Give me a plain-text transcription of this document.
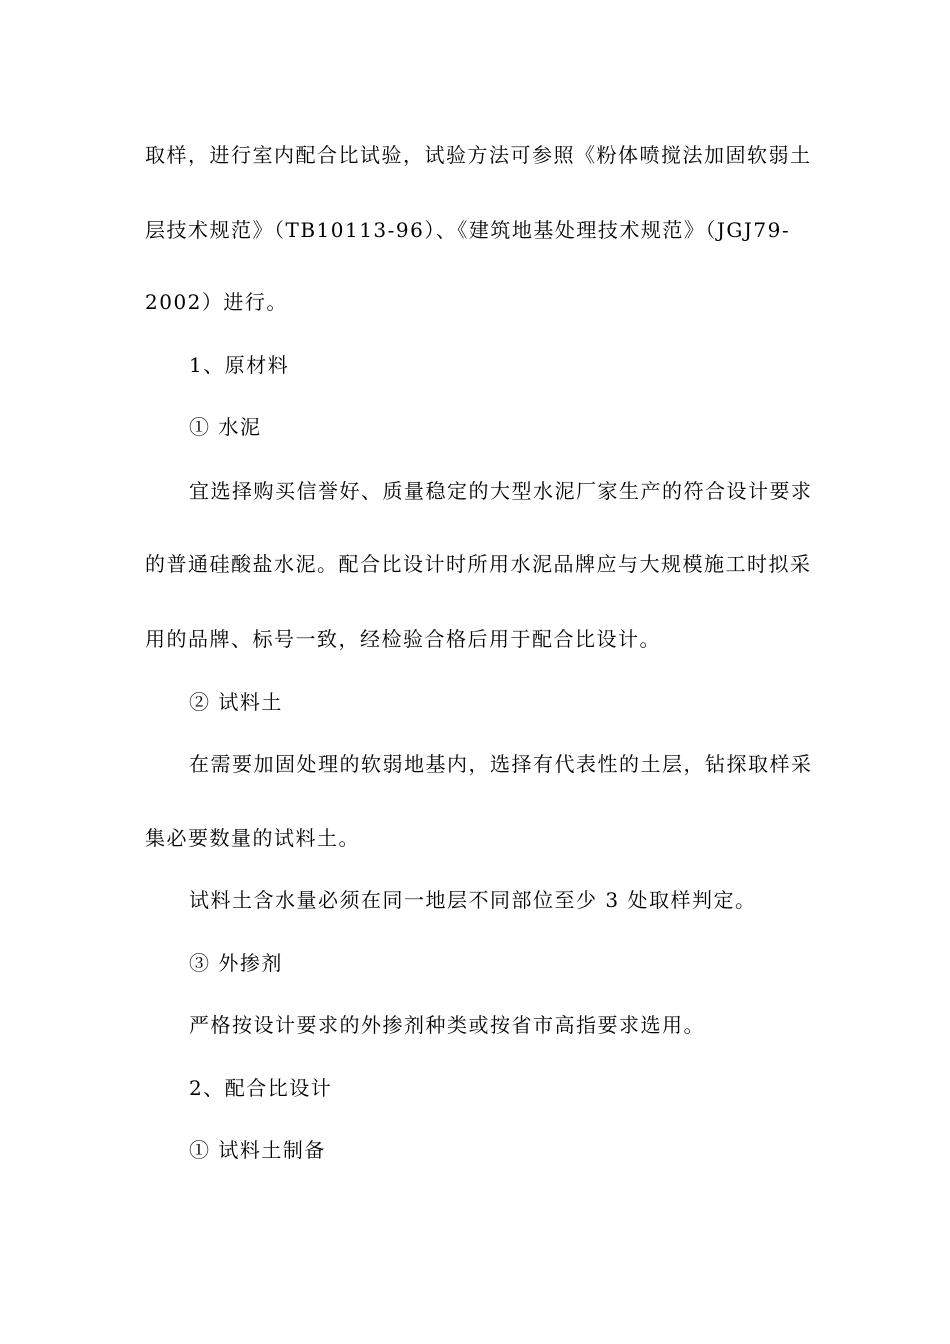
取样，进行室内配合比试验，试验方法可参照《粉体喷搅法加固软弱土
层技术规范》（TB10113-96）、《建筑地基处理技术规范》（JGJ79-
2002）进行。
1、原材料
① 水泥
宜选择购买信誉好、质量稳定的大型水泥厂家生产的符合设计要求
的普通硅酸盐水泥。配合比设计时所用水泥品牌应与大规模施工时拟采
用的品牌、标号一致，经检验合格后用于配合比设计。
② 试料土
在需要加固处理的软弱地基内，选择有代表性的土层，钻探取样采
集必要数量的试料土。
试料土含水量必须在同一地层不同部位至少 3 处取样判定。
③ 外掺剂
严格按设计要求的外掺剂种类或按省市高指要求选用。
2、配合比设计
① 试料土制备
